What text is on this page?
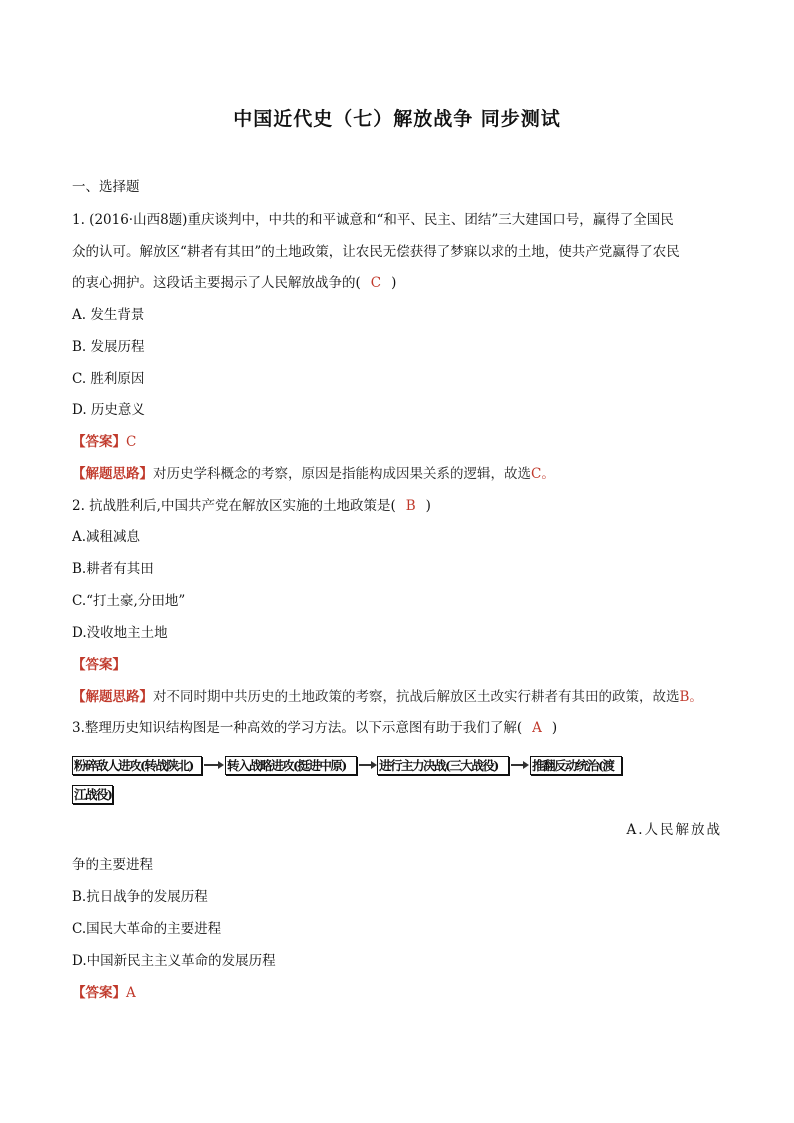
中国近代史（七）解放战争 同步测试
一、选择题
1. (2016·山西8题)重庆谈判中，中共的和平诚意和“和平、民主、团结”三大建国口号，赢得了全国民
众的认可。解放区“耕者有其田”的土地政策，让农民无偿获得了梦寐以求的土地，使共产党赢得了农民
的衷心拥护。这段话主要揭示了人民解放战争的( C )
A. 发生背景
B. 发展历程
C. 胜利原因
D. 历史意义
【答案】C
【解题思路】对历史学科概念的考察，原因是指能构成因果关系的逻辑，故选C。
2. 抗战胜利后,中国共产党在解放区实施的土地政策是( B )
A.减租减息
B.耕者有其田
C.“打土豪,分田地”
D.没收地主土地
【答案】
【解题思路】对不同时期中共历史的土地政策的考察，抗战后解放区土改实行耕者有其田的政策，故选B。
3.整理历史知识结构图是一种高效的学习方法。以下示意图有助于我们了解( A )
粉碎敌人进攻(转战陕北)	转入战略进攻(挺进中原)	进行主力决战(三大战役)	推翻反动统治(渡
江战役)
A.人民解放战
争的主要进程
B.抗日战争的发展历程
C.国民大革命的主要进程
D.中国新民主主义革命的发展历程
【答案】A
